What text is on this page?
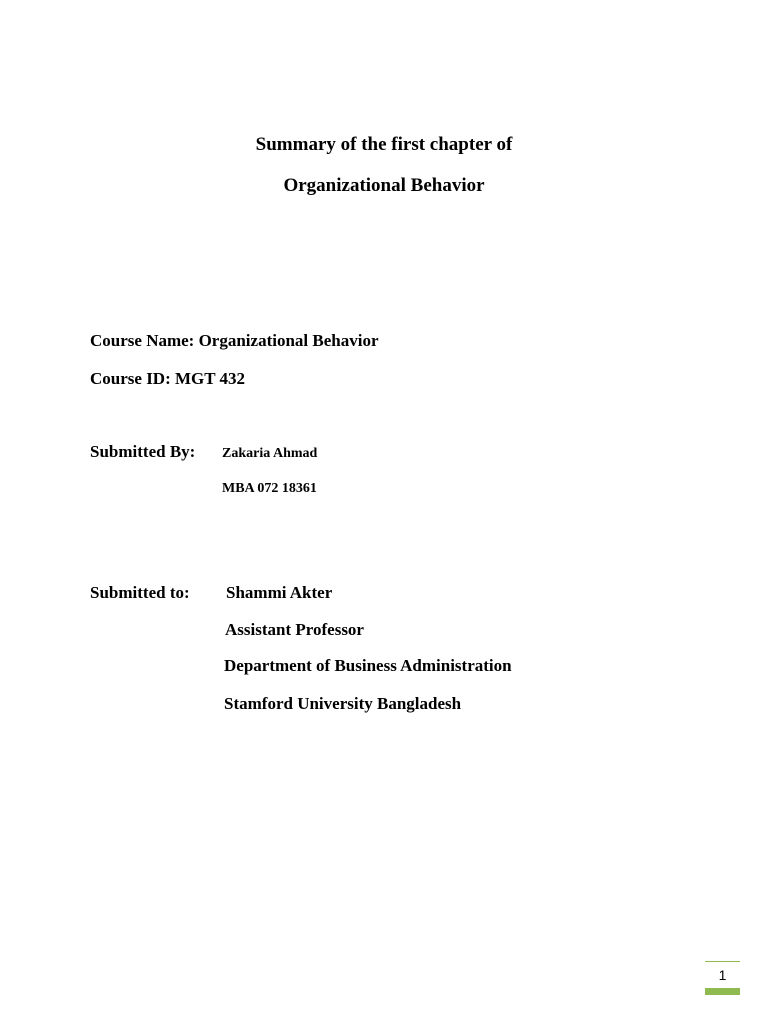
Summary of the first chapter of
Organizational Behavior
Course Name: Organizational Behavior
Course ID: MGT 432
Submitted By: Zakaria Ahmad
MBA 072 18361
Submitted to: Shammi Akter
Assistant Professor
Department of Business Administration
Stamford University Bangladesh
1
